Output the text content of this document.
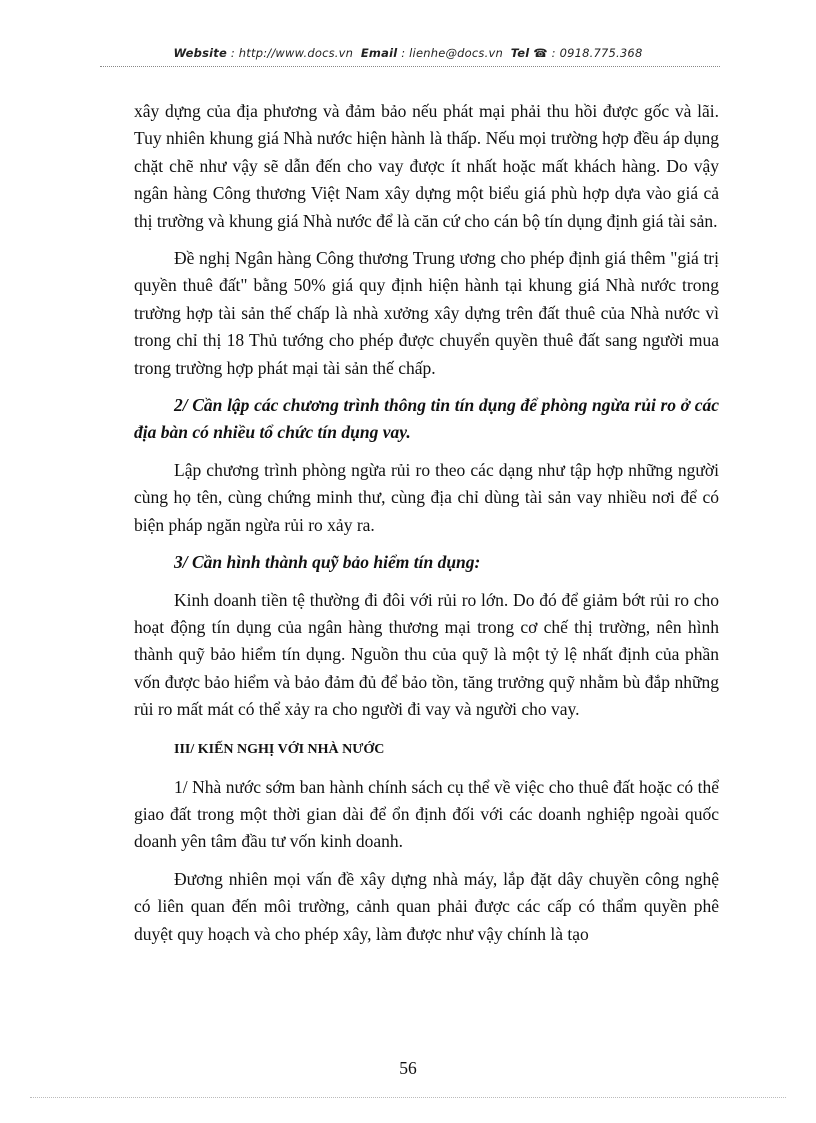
Website : http://www.docs.vn Email : lienhe@docs.vn Tel ☎ : 0918.775.368

xây dựng của địa phương và đảm bảo nếu phát mại phải thu hồi được gốc và lãi. Tuy nhiên khung giá Nhà nước hiện hành là thấp. Nếu mọi trường hợp đều áp dụng chặt chẽ như vậy sẽ dẫn đến cho vay được ít nhất hoặc mất khách hàng. Do vậy ngân hàng Công thương Việt Nam xây dựng một biểu giá phù hợp dựa vào giá cả thị trường và khung giá Nhà nước để là căn cứ cho cán bộ tín dụng định giá tài sản.

Đề nghị Ngân hàng Công thương Trung ương cho phép định giá thêm "giá trị quyền thuê đất" bằng 50% giá quy định hiện hành tại khung giá Nhà nước trong trường hợp tài sản thế chấp là nhà xưởng xây dựng trên đất thuê của Nhà nước vì trong chỉ thị 18 Thủ tướng cho phép được chuyển quyền thuê đất sang người mua trong trường hợp phát mại tài sản thế chấp.

2/ Cần lập các chương trình thông tin tín dụng để phòng ngừa rủi ro ở các địa bàn có nhiều tổ chức tín dụng vay.

Lập chương trình phòng ngừa rủi ro theo các dạng như tập hợp những người cùng họ tên, cùng chứng minh thư, cùng địa chỉ dùng tài sản vay nhiều nơi để có biện pháp ngăn ngừa rủi ro xảy ra.

3/ Cần hình thành quỹ bảo hiểm tín dụng:

Kinh doanh tiền tệ thường đi đôi với rủi ro lớn. Do đó để giảm bớt rủi ro cho hoạt động tín dụng của ngân hàng thương mại trong cơ chế thị trường, nên hình thành quỹ bảo hiểm tín dụng. Nguồn thu của quỹ là một tỷ lệ nhất định của phần vốn được bảo hiểm và bảo đảm đủ để bảo tồn, tăng trưởng quỹ nhằm bù đắp những rủi ro mất mát có thể xảy ra cho người đi vay và người cho vay.

III/ KIẾN NGHỊ VỚI NHÀ NƯỚC

1/ Nhà nước sớm ban hành chính sách cụ thể về việc cho thuê đất hoặc có thể giao đất trong một thời gian dài để ổn định đối với các doanh nghiệp ngoài quốc doanh yên tâm đầu tư vốn kinh doanh.

Đương nhiên mọi vấn đề xây dựng nhà máy, lắp đặt dây chuyền công nghệ có liên quan đến môi trường, cảnh quan phải được các cấp có thẩm quyền phê duyệt quy hoạch và cho phép xây, làm được như vậy chính là tạo

56
